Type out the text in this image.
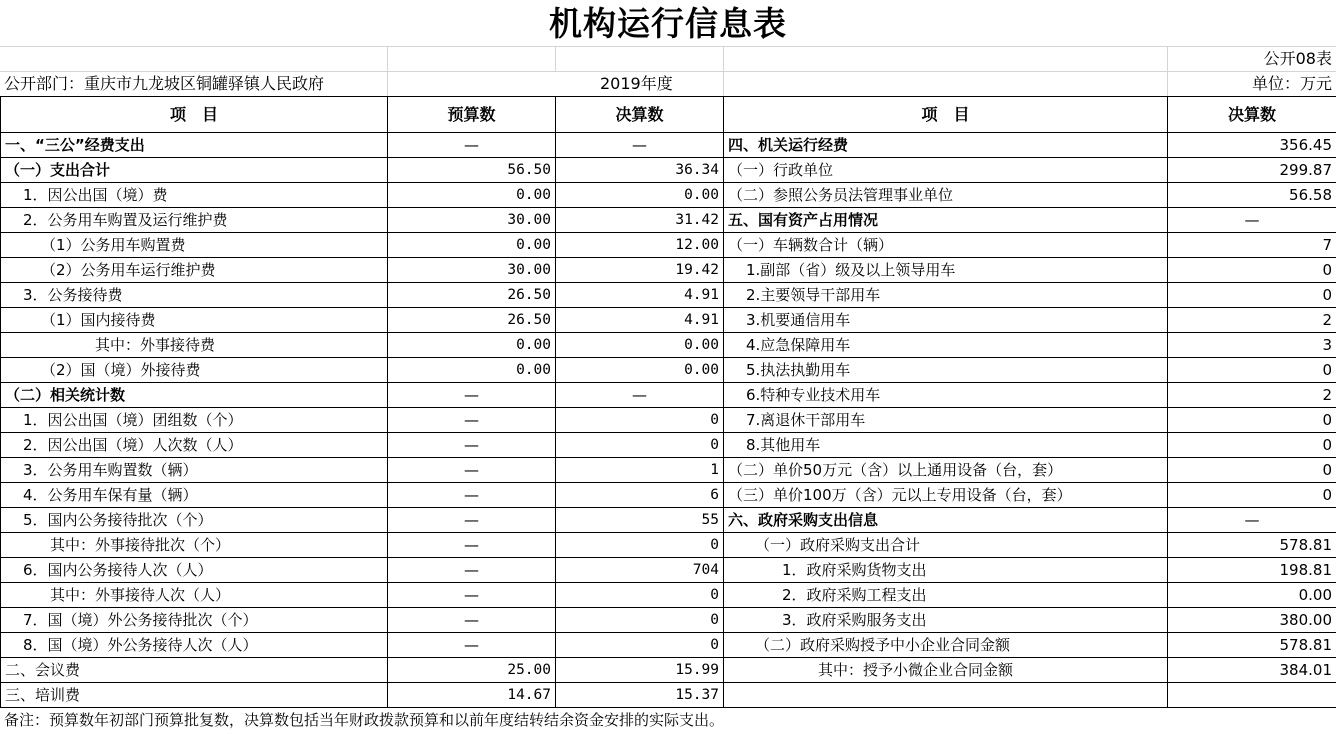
机构运行信息表
公开08表
公开部门：重庆市九龙坡区铜罐驿镇人民政府	2019年度	单位：万元
项　目	预算数	决算数	项　目	决算数
一、“三公”经费支出	—	—	四、机关运行经费	356.45
（一）支出合计	56.50	36.34	（一）行政单位	299.87
1．因公出国（境）费	0.00	0.00	（二）参照公务员法管理事业单位	56.58
2．公务用车购置及运行维护费	30.00	31.42	五、国有资产占用情况	—
（1）公务用车购置费	0.00	12.00	（一）车辆数合计（辆）	7
（2）公务用车运行维护费	30.00	19.42	1.副部（省）级及以上领导用车	0
3．公务接待费	26.50	4.91	2.主要领导干部用车	0
（1）国内接待费	26.50	4.91	3.机要通信用车	2
其中：外事接待费	0.00	0.00	4.应急保障用车	3
（2）国（境）外接待费	0.00	0.00	5.执法执勤用车	0
（二）相关统计数	—	—	6.特种专业技术用车	2
1．因公出国（境）团组数（个）	—	0	7.离退休干部用车	0
2．因公出国（境）人次数（人）	—	0	8.其他用车	0
3．公务用车购置数（辆）	—	1	（二）单价50万元（含）以上通用设备（台，套）	0
4．公务用车保有量（辆）	—	6	（三）单价100万（含）元以上专用设备（台，套）	0
5．国内公务接待批次（个）	—	55	六、政府采购支出信息	—
其中：外事接待批次（个）	—	0	（一）政府采购支出合计	578.81
6．国内公务接待人次（人）	—	704	1．政府采购货物支出	198.81
其中：外事接待人次（人）	—	0	2．政府采购工程支出	0.00
7．国（境）外公务接待批次（个）	—	0	3．政府采购服务支出	380.00
8．国（境）外公务接待人次（人）	—	0	（二）政府采购授予中小企业合同金额	578.81
二、会议费	25.00	15.99	其中：授予小微企业合同金额	384.01
三、培训费	14.67	15.37		
备注：预算数年初部门预算批复数，决算数包括当年财政拨款预算和以前年度结转结余资金安排的实际支出。
